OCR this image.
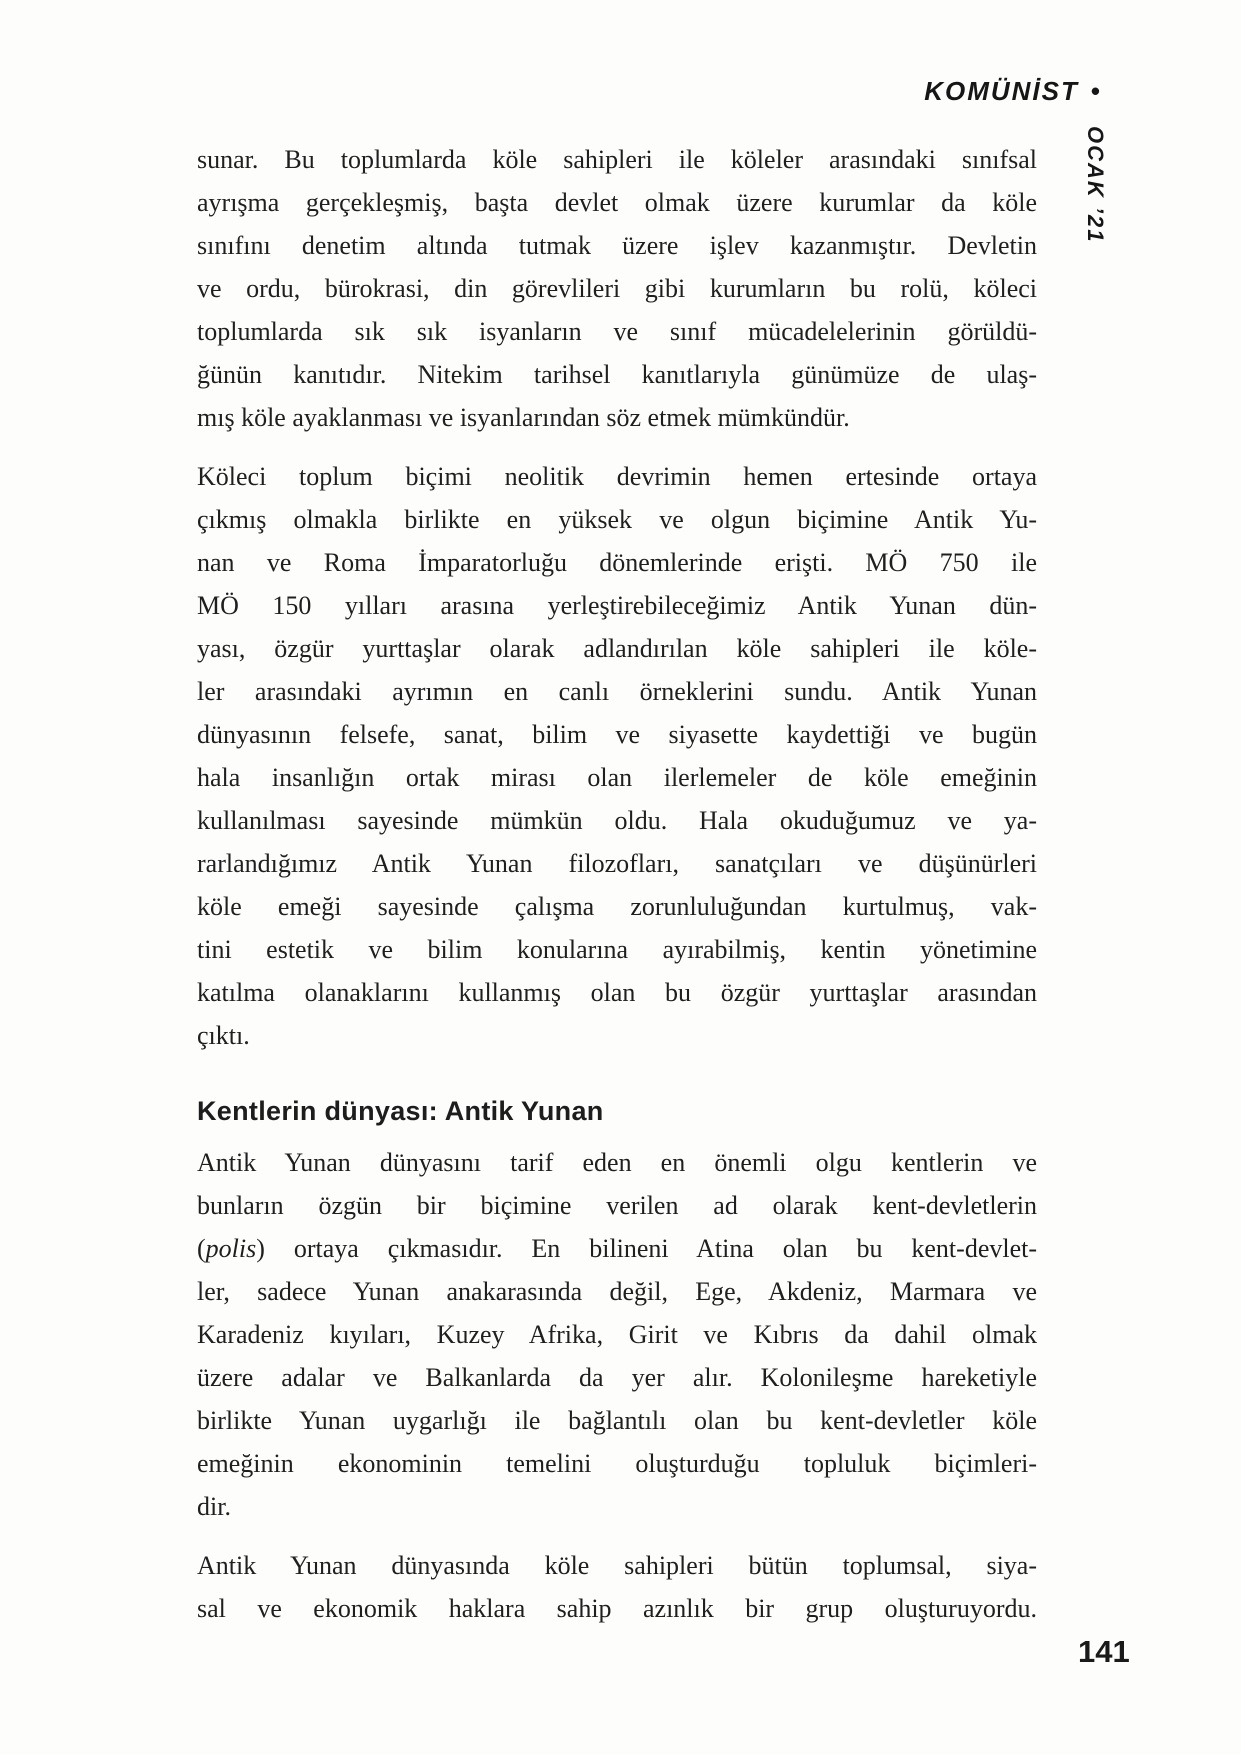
KOMÜNİST •
OCAK ’21
sunar. Bu toplumlarda köle sahipleri ile köleler arasındaki sınıfsal
ayrışma gerçekleşmiş, başta devlet olmak üzere kurumlar da köle
sınıfını denetim altında tutmak üzere işlev kazanmıştır. Devletin
ve ordu, bürokrasi, din görevlileri gibi kurumların bu rolü, köleci
toplumlarda sık sık isyanların ve sınıf mücadelelerinin görüldü-
ğünün kanıtıdır. Nitekim tarihsel kanıtlarıyla günümüze de ulaş-
mış köle ayaklanması ve isyanlarından söz etmek mümkündür.
Köleci toplum biçimi neolitik devrimin hemen ertesinde ortaya
çıkmış olmakla birlikte en yüksek ve olgun biçimine Antik Yu-
nan ve Roma İmparatorluğu dönemlerinde erişti. MÖ 750 ile
MÖ 150 yılları arasına yerleştirebileceğimiz Antik Yunan dün-
yası, özgür yurttaşlar olarak adlandırılan köle sahipleri ile köle-
ler arasındaki ayrımın en canlı örneklerini sundu. Antik Yunan
dünyasının felsefe, sanat, bilim ve siyasette kaydettiği ve bugün
hala insanlığın ortak mirası olan ilerlemeler de köle emeğinin
kullanılması sayesinde mümkün oldu. Hala okuduğumuz ve ya-
rarlandığımız Antik Yunan filozofları, sanatçıları ve düşünürleri
köle emeği sayesinde çalışma zorunluluğundan kurtulmuş, vak-
tini estetik ve bilim konularına ayırabilmiş, kentin yönetimine
katılma olanaklarını kullanmış olan bu özgür yurttaşlar arasından
çıktı.
Kentlerin dünyası: Antik Yunan
Antik Yunan dünyasını tarif eden en önemli olgu kentlerin ve
bunların özgün bir biçimine verilen ad olarak kent-devletlerin
(polis) ortaya çıkmasıdır. En bilineni Atina olan bu kent-devlet-
ler, sadece Yunan anakarasında değil, Ege, Akdeniz, Marmara ve
Karadeniz kıyıları, Kuzey Afrika, Girit ve Kıbrıs da dahil olmak
üzere adalar ve Balkanlarda da yer alır. Kolonileşme hareketiyle
birlikte Yunan uygarlığı ile bağlantılı olan bu kent-devletler köle
emeğinin ekonominin temelini oluşturduğu topluluk biçimleri-
dir.
Antik Yunan dünyasında köle sahipleri bütün toplumsal, siya-
sal ve ekonomik haklara sahip azınlık bir grup oluşturuyordu.
141
